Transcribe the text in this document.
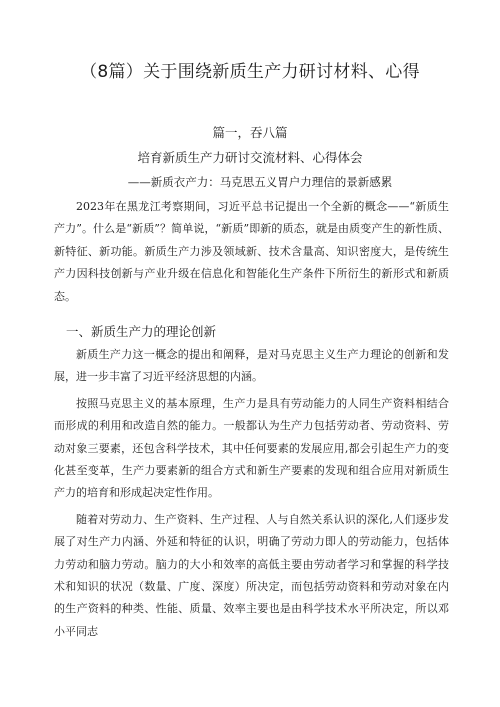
（8篇）关于围绕新质生产力研讨材料、心得
篇一，吞八篇
培育新质生产力研讨交流材料、心得体会
——新质衣产力：马克思五义胃户力理信的景新感累

2023年在黑龙江考察期间，习近平总书记提出一个全新的概念——“新质生产力”。什么是“新质”？简单说，“新质”即新的质态，就是由质变产生的新性质、新特征、新功能。新质生产力涉及领域新、技术含量高、知识密度大，是传统生产力因科技创新与产业升级在信息化和智能化生产条件下所衍生的新形式和新质态。

一、新质生产力的理论创新

新质生产力这一概念的提出和阐释，是对马克思主义生产力理论的创新和发展，进一步丰富了习近平经济思想的内涵。

按照马克思主义的基本原理，生产力是具有劳动能力的人同生产资料相结合而形成的利用和改造自然的能力。一般都认为生产力包括劳动者、劳动资料、劳动对象三要素，还包含科学技术，其中任何要素的发展应用,都会引起生产力的变化甚至变革，生产力要素新的组合方式和新生产要素的发现和组合应用对新质生产力的培育和形成起决定性作用。

随着对劳动力、生产资料、生产过程、人与自然关系认识的深化,人们逐步发展了对生产力内涵、外延和特征的认识，明确了劳动力即人的劳动能力，包括体力劳动和脑力劳动。脑力的大小和效率的高低主要由劳动者学习和掌握的科学技术和知识的状况（数量、广度、深度）所决定，而包括劳动资料和劳动对象在内的生产资料的种类、性能、质量、效率主要也是由科学技术水平所决定，所以邓小平同志
